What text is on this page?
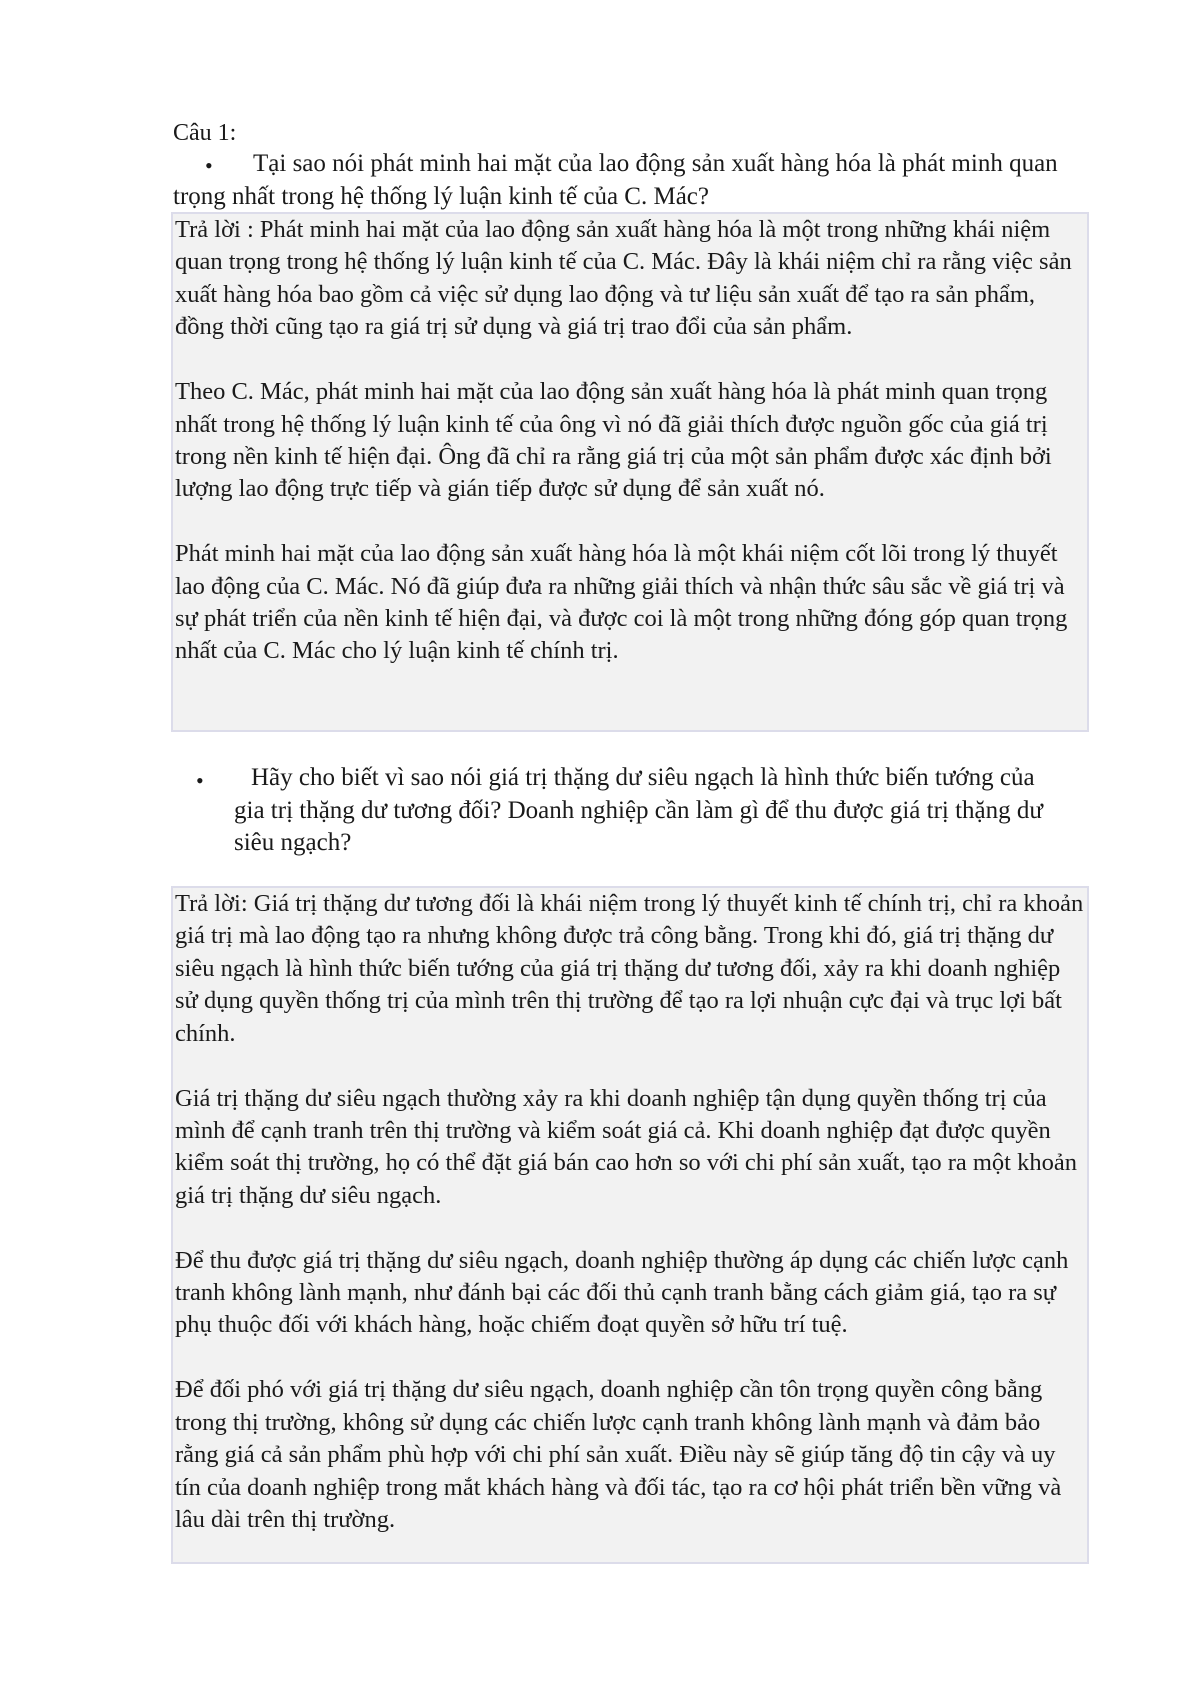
Câu 1:

•	Tại sao nói phát minh hai mặt của lao động sản xuất hàng hóa là phát minh quan trọng nhất trong hệ thống lý luận kinh tế của C. Mác?

Trả lời : Phát minh hai mặt của lao động sản xuất hàng hóa là một trong những khái niệm quan trọng trong hệ thống lý luận kinh tế của C. Mác. Đây là khái niệm chỉ ra rằng việc sản xuất hàng hóa bao gồm cả việc sử dụng lao động và tư liệu sản xuất để tạo ra sản phẩm, đồng thời cũng tạo ra giá trị sử dụng và giá trị trao đổi của sản phẩm.

Theo C. Mác, phát minh hai mặt của lao động sản xuất hàng hóa là phát minh quan trọng nhất trong hệ thống lý luận kinh tế của ông vì nó đã giải thích được nguồn gốc của giá trị trong nền kinh tế hiện đại. Ông đã chỉ ra rằng giá trị của một sản phẩm được xác định bởi lượng lao động trực tiếp và gián tiếp được sử dụng để sản xuất nó.

Phát minh hai mặt của lao động sản xuất hàng hóa là một khái niệm cốt lõi trong lý thuyết lao động của C. Mác. Nó đã giúp đưa ra những giải thích và nhận thức sâu sắc về giá trị và sự phát triển của nền kinh tế hiện đại, và được coi là một trong những đóng góp quan trọng nhất của C. Mác cho lý luận kinh tế chính trị.

•	Hãy cho biết vì sao nói giá trị thặng dư siêu ngạch là hình thức biến tướng của gia trị thặng dư tương đối? Doanh nghiệp cần làm gì để thu được giá trị thặng dư siêu ngạch?

Trả lời: Giá trị thặng dư tương đối là khái niệm trong lý thuyết kinh tế chính trị, chỉ ra khoản giá trị mà lao động tạo ra nhưng không được trả công bằng. Trong khi đó, giá trị thặng dư siêu ngạch là hình thức biến tướng của giá trị thặng dư tương đối, xảy ra khi doanh nghiệp sử dụng quyền thống trị của mình trên thị trường để tạo ra lợi nhuận cực đại và trục lợi bất chính.

Giá trị thặng dư siêu ngạch thường xảy ra khi doanh nghiệp tận dụng quyền thống trị của mình để cạnh tranh trên thị trường và kiểm soát giá cả. Khi doanh nghiệp đạt được quyền kiểm soát thị trường, họ có thể đặt giá bán cao hơn so với chi phí sản xuất, tạo ra một khoản giá trị thặng dư siêu ngạch.

Để thu được giá trị thặng dư siêu ngạch, doanh nghiệp thường áp dụng các chiến lược cạnh tranh không lành mạnh, như đánh bại các đối thủ cạnh tranh bằng cách giảm giá, tạo ra sự phụ thuộc đối với khách hàng, hoặc chiếm đoạt quyền sở hữu trí tuệ.

Để đối phó với giá trị thặng dư siêu ngạch, doanh nghiệp cần tôn trọng quyền công bằng trong thị trường, không sử dụng các chiến lược cạnh tranh không lành mạnh và đảm bảo rằng giá cả sản phẩm phù hợp với chi phí sản xuất. Điều này sẽ giúp tăng độ tin cậy và uy tín của doanh nghiệp trong mắt khách hàng và đối tác, tạo ra cơ hội phát triển bền vững và lâu dài trên thị trường.
